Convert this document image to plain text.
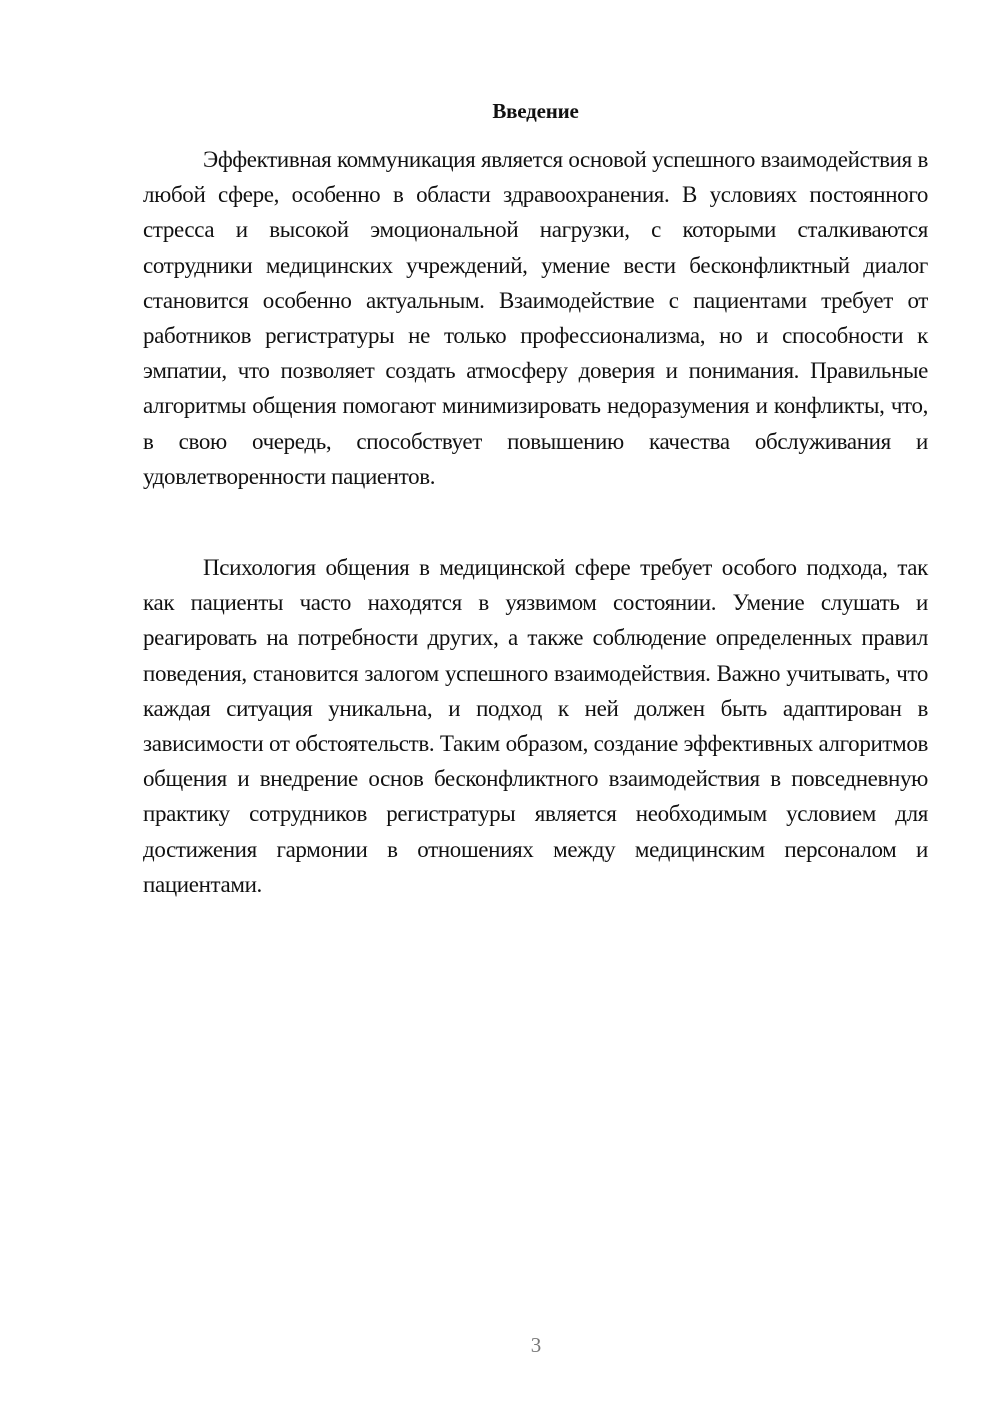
Введение

Эффективная коммуникация является основой успешного взаимодействия в любой сфере, особенно в области здравоохранения. В условиях постоянного стресса и высокой эмоциональной нагрузки, с которыми сталкиваются сотрудники медицинских учреждений, умение вести бесконфликтный диалог становится особенно актуальным. Взаимодействие с пациентами требует от работников регистратуры не только профессионализма, но и способности к эмпатии, что позволяет создать атмосферу доверия и понимания. Правильные алгоритмы общения помогают минимизировать недоразумения и конфликты, что, в свою очередь, способствует повышению качества обслуживания и удовлетворенности пациентов.

Психология общения в медицинской сфере требует особого подхода, так как пациенты часто находятся в уязвимом состоянии. Умение слушать и реагировать на потребности других, а также соблюдение определенных правил поведения, становится залогом успешного взаимодействия. Важно учитывать, что каждая ситуация уникальна, и подход к ней должен быть адаптирован в зависимости от обстоятельств. Таким образом, создание эффективных алгоритмов общения и внедрение основ бесконфликтного взаимодействия в повседневную практику сотрудников регистратуры является необходимым условием для достижения гармонии в отношениях между медицинским персоналом и пациентами.

3
